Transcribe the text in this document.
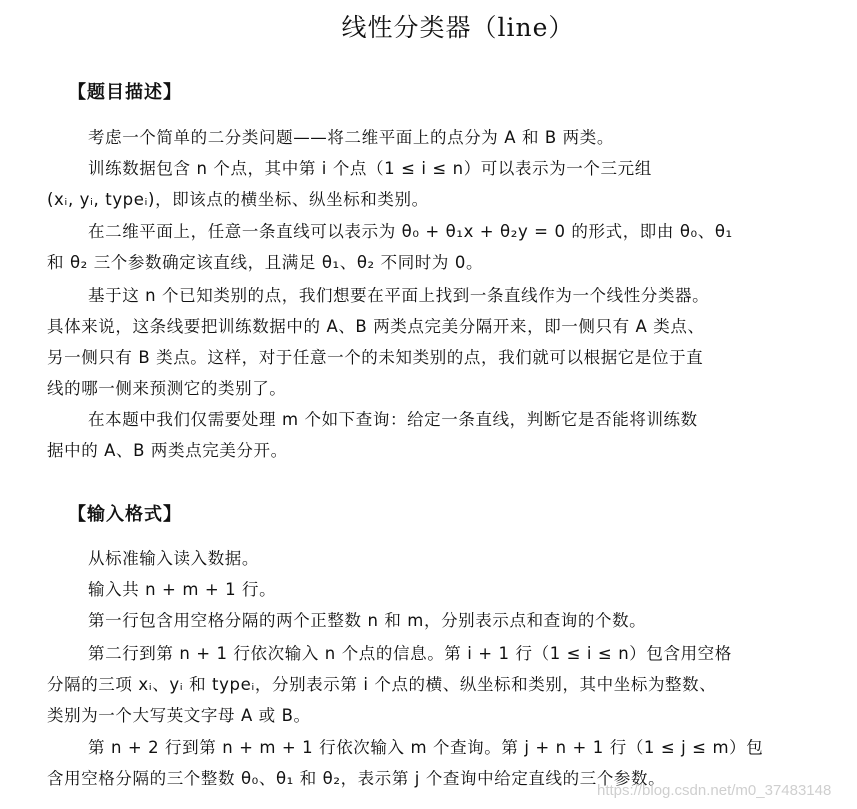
线性分类器（line）
【题目描述】
考虑一个简单的二分类问题——将二维平面上的点分为 A 和 B 两类。
训练数据包含 n 个点，其中第 i 个点（1 ≤ i ≤ n）可以表示为一个三元组
(xᵢ, yᵢ, typeᵢ)，即该点的横坐标、纵坐标和类别。
在二维平面上，任意一条直线可以表示为 θ₀ + θ₁x + θ₂y = 0 的形式，即由 θ₀、θ₁
和 θ₂ 三个参数确定该直线，且满足 θ₁、θ₂ 不同时为 0。
基于这 n 个已知类别的点，我们想要在平面上找到一条直线作为一个线性分类器。
具体来说，这条线要把训练数据中的 A、B 两类点完美分隔开来，即一侧只有 A 类点、
另一侧只有 B 类点。这样，对于任意一个的未知类别的点，我们就可以根据它是位于直
线的哪一侧来预测它的类别了。
在本题中我们仅需要处理 m 个如下查询：给定一条直线，判断它是否能将训练数
据中的 A、B 两类点完美分开。
【输入格式】
从标准输入读入数据。
输入共 n + m + 1 行。
第一行包含用空格分隔的两个正整数 n 和 m，分别表示点和查询的个数。
第二行到第 n + 1 行依次输入 n 个点的信息。第 i + 1 行（1 ≤ i ≤ n）包含用空格
分隔的三项 xᵢ、yᵢ 和 typeᵢ，分别表示第 i 个点的横、纵坐标和类别，其中坐标为整数、
类别为一个大写英文字母 A 或 B。
第 n + 2 行到第 n + m + 1 行依次输入 m 个查询。第 j + n + 1 行（1 ≤ j ≤ m）包
含用空格分隔的三个整数 θ₀、θ₁ 和 θ₂，表示第 j 个查询中给定直线的三个参数。
https://blog.csdn.net/m0_37483148
